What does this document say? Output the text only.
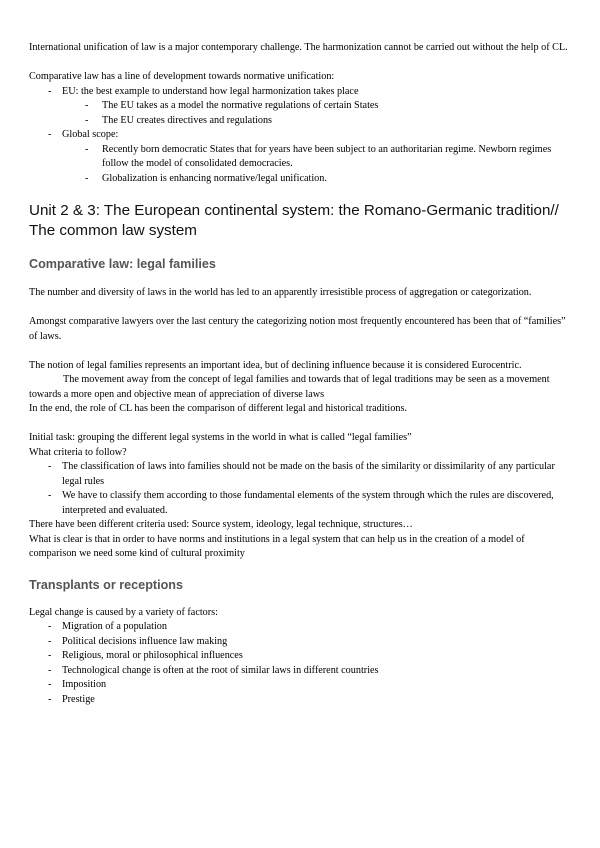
International unification of law is a major contemporary challenge. The harmonization cannot be carried out without the help of CL.

Comparative law has a line of development towards normative unification:

- EU: the best example to understand how legal harmonization takes place
- The EU takes as a model the normative regulations of certain States
- The EU creates directives and regulations
- Global scope:
- Recently born democratic States that for years have been subject to an authoritarian regime. Newborn regimes follow the model of consolidated democracies.
- Globalization is enhancing normative/legal unification.
Unit 2 & 3: The European continental system: the Romano-Germanic tradition// The common law system
Comparative law: legal families

The number and diversity of laws in the world has led to an apparently irresistible process of aggregation or categorization.

Amongst comparative lawyers over the last century the categorizing notion most frequently encountered has been that of “families” of laws.

The notion of legal families represents an important idea, but of declining influence because it is considered Eurocentric.

The movement away from the concept of legal families and towards that of legal traditions may be seen as a movement towards a more open and objective mean of appreciation of diverse laws

In the end, the role of CL has been the comparison of different legal and historical traditions.

Initial task: grouping the different legal systems in the world in what is called “legal families”

What criteria to follow?

- The classification of laws into families should not be made on the basis of the similarity or dissimilarity of any particular legal rules
- We have to classify them according to those fundamental elements of the system through which the rules are discovered, interpreted and evaluated.

There have been different criteria used: Source system, ideology, legal technique, structures…

What is clear is that in order to have norms and institutions in a legal system that can help us in the creation of a model of comparison we need some kind of cultural proximity

Transplants or receptions

Legal change is caused by a variety of factors:

- Migration of a population
- Political decisions influence law making
- Religious, moral or philosophical influences
- Technological change is often at the root of similar laws in different countries
- Imposition
- Prestige
